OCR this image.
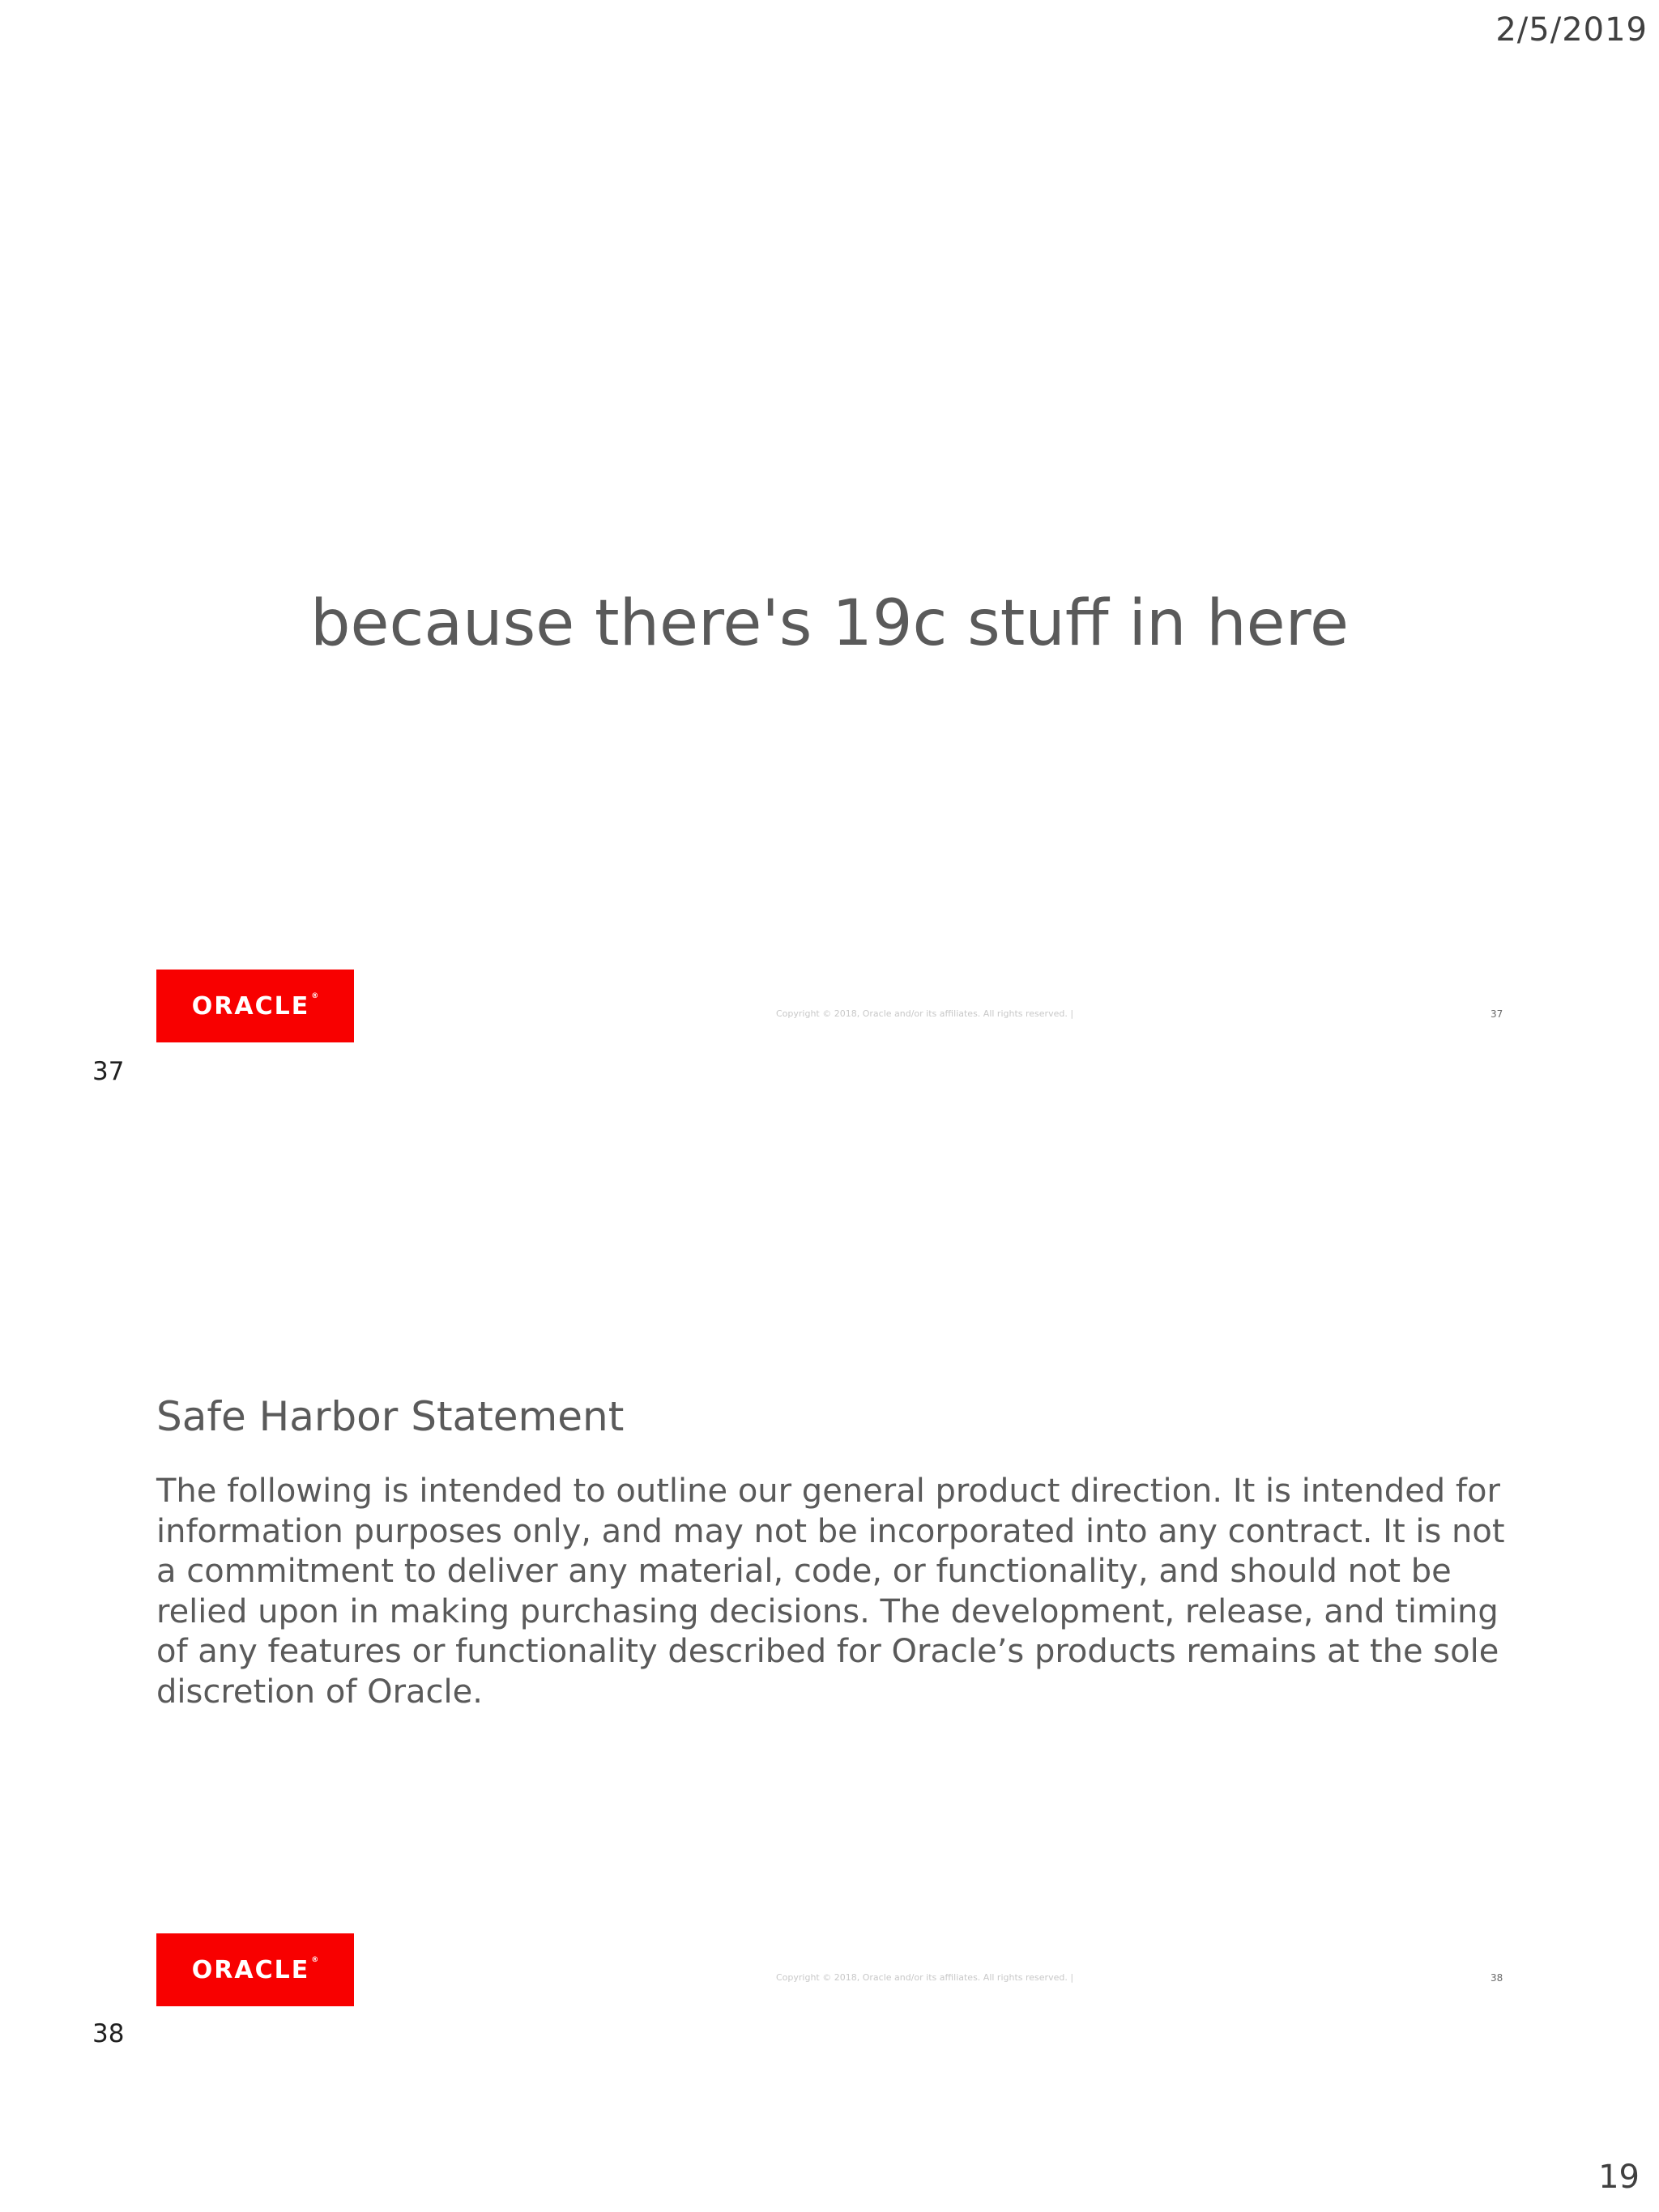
2/5/2019
because there's 19c stuff in here
ORACLE ®
Copyright © 2018, Oracle and/or its affiliates. All rights reserved. |	37
37
Safe Harbor Statement
The following is intended to outline our general product direction. It is intended for information purposes only, and may not be incorporated into any contract. It is not a commitment to deliver any material, code, or functionality, and should not be relied upon in making purchasing decisions. The development, release, and timing of any features or functionality described for Oracle’s products remains at the sole discretion of Oracle.
ORACLE ®
Copyright © 2018, Oracle and/or its affiliates. All rights reserved. |	38
38
19
